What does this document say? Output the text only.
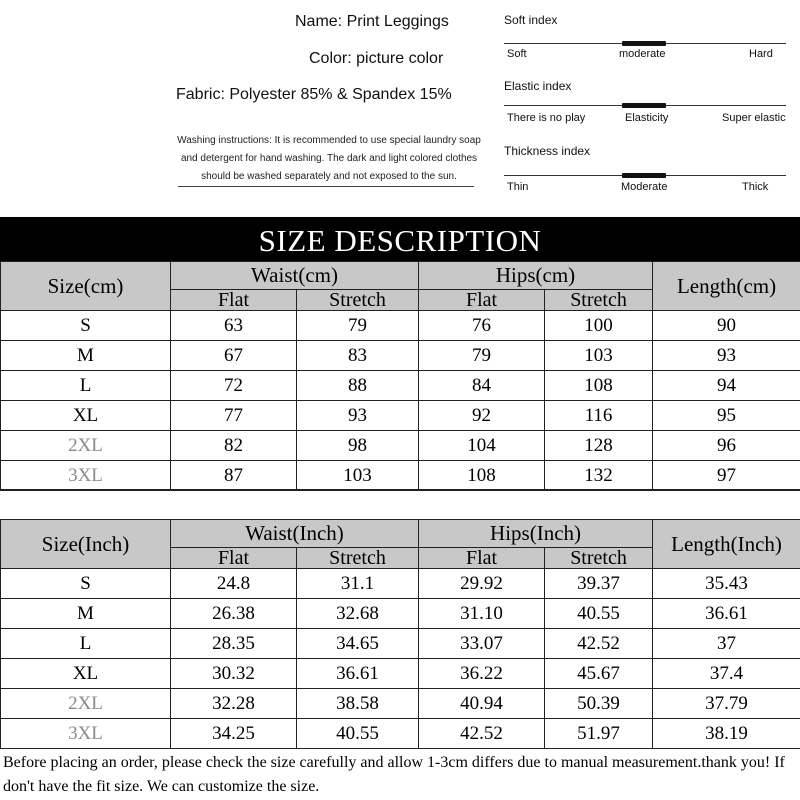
Name: Print Leggings
Color: picture color
Fabric: Polyester 85% & Spandex 15%
Washing instructions: It is recommended to use special laundry soap and detergent for hand washing. The dark and light colored clothes should be washed separately and not exposed to the sun.
Soft index
Soft	moderate	Hard
Elastic index
There is no play	Elasticity	Super elastic
Thickness index
Thin	Moderate	Thick
SIZE DESCRIPTION
Size(cm)	Waist(cm)		Hips(cm)		Length(cm)
	Flat	Stretch	Flat	Stretch	
S	63	79	76	100	90
M	67	83	79	103	93
L	72	88	84	108	94
XL	77	93	92	116	95
2XL	82	98	104	128	96
3XL	87	103	108	132	97
Size(Inch)	Waist(Inch)		Hips(Inch)		Length(Inch)
	Flat	Stretch	Flat	Stretch	
S	24.8	31.1	29.92	39.37	35.43
M	26.38	32.68	31.10	40.55	36.61
L	28.35	34.65	33.07	42.52	37
XL	30.32	36.61	36.22	45.67	37.4
2XL	32.28	38.58	40.94	50.39	37.79
3XL	34.25	40.55	42.52	51.97	38.19
Before placing an order, please check the size carefully and allow 1-3cm differs due to manual measurement.thank you! If don't have the fit size. We can customize the size.
